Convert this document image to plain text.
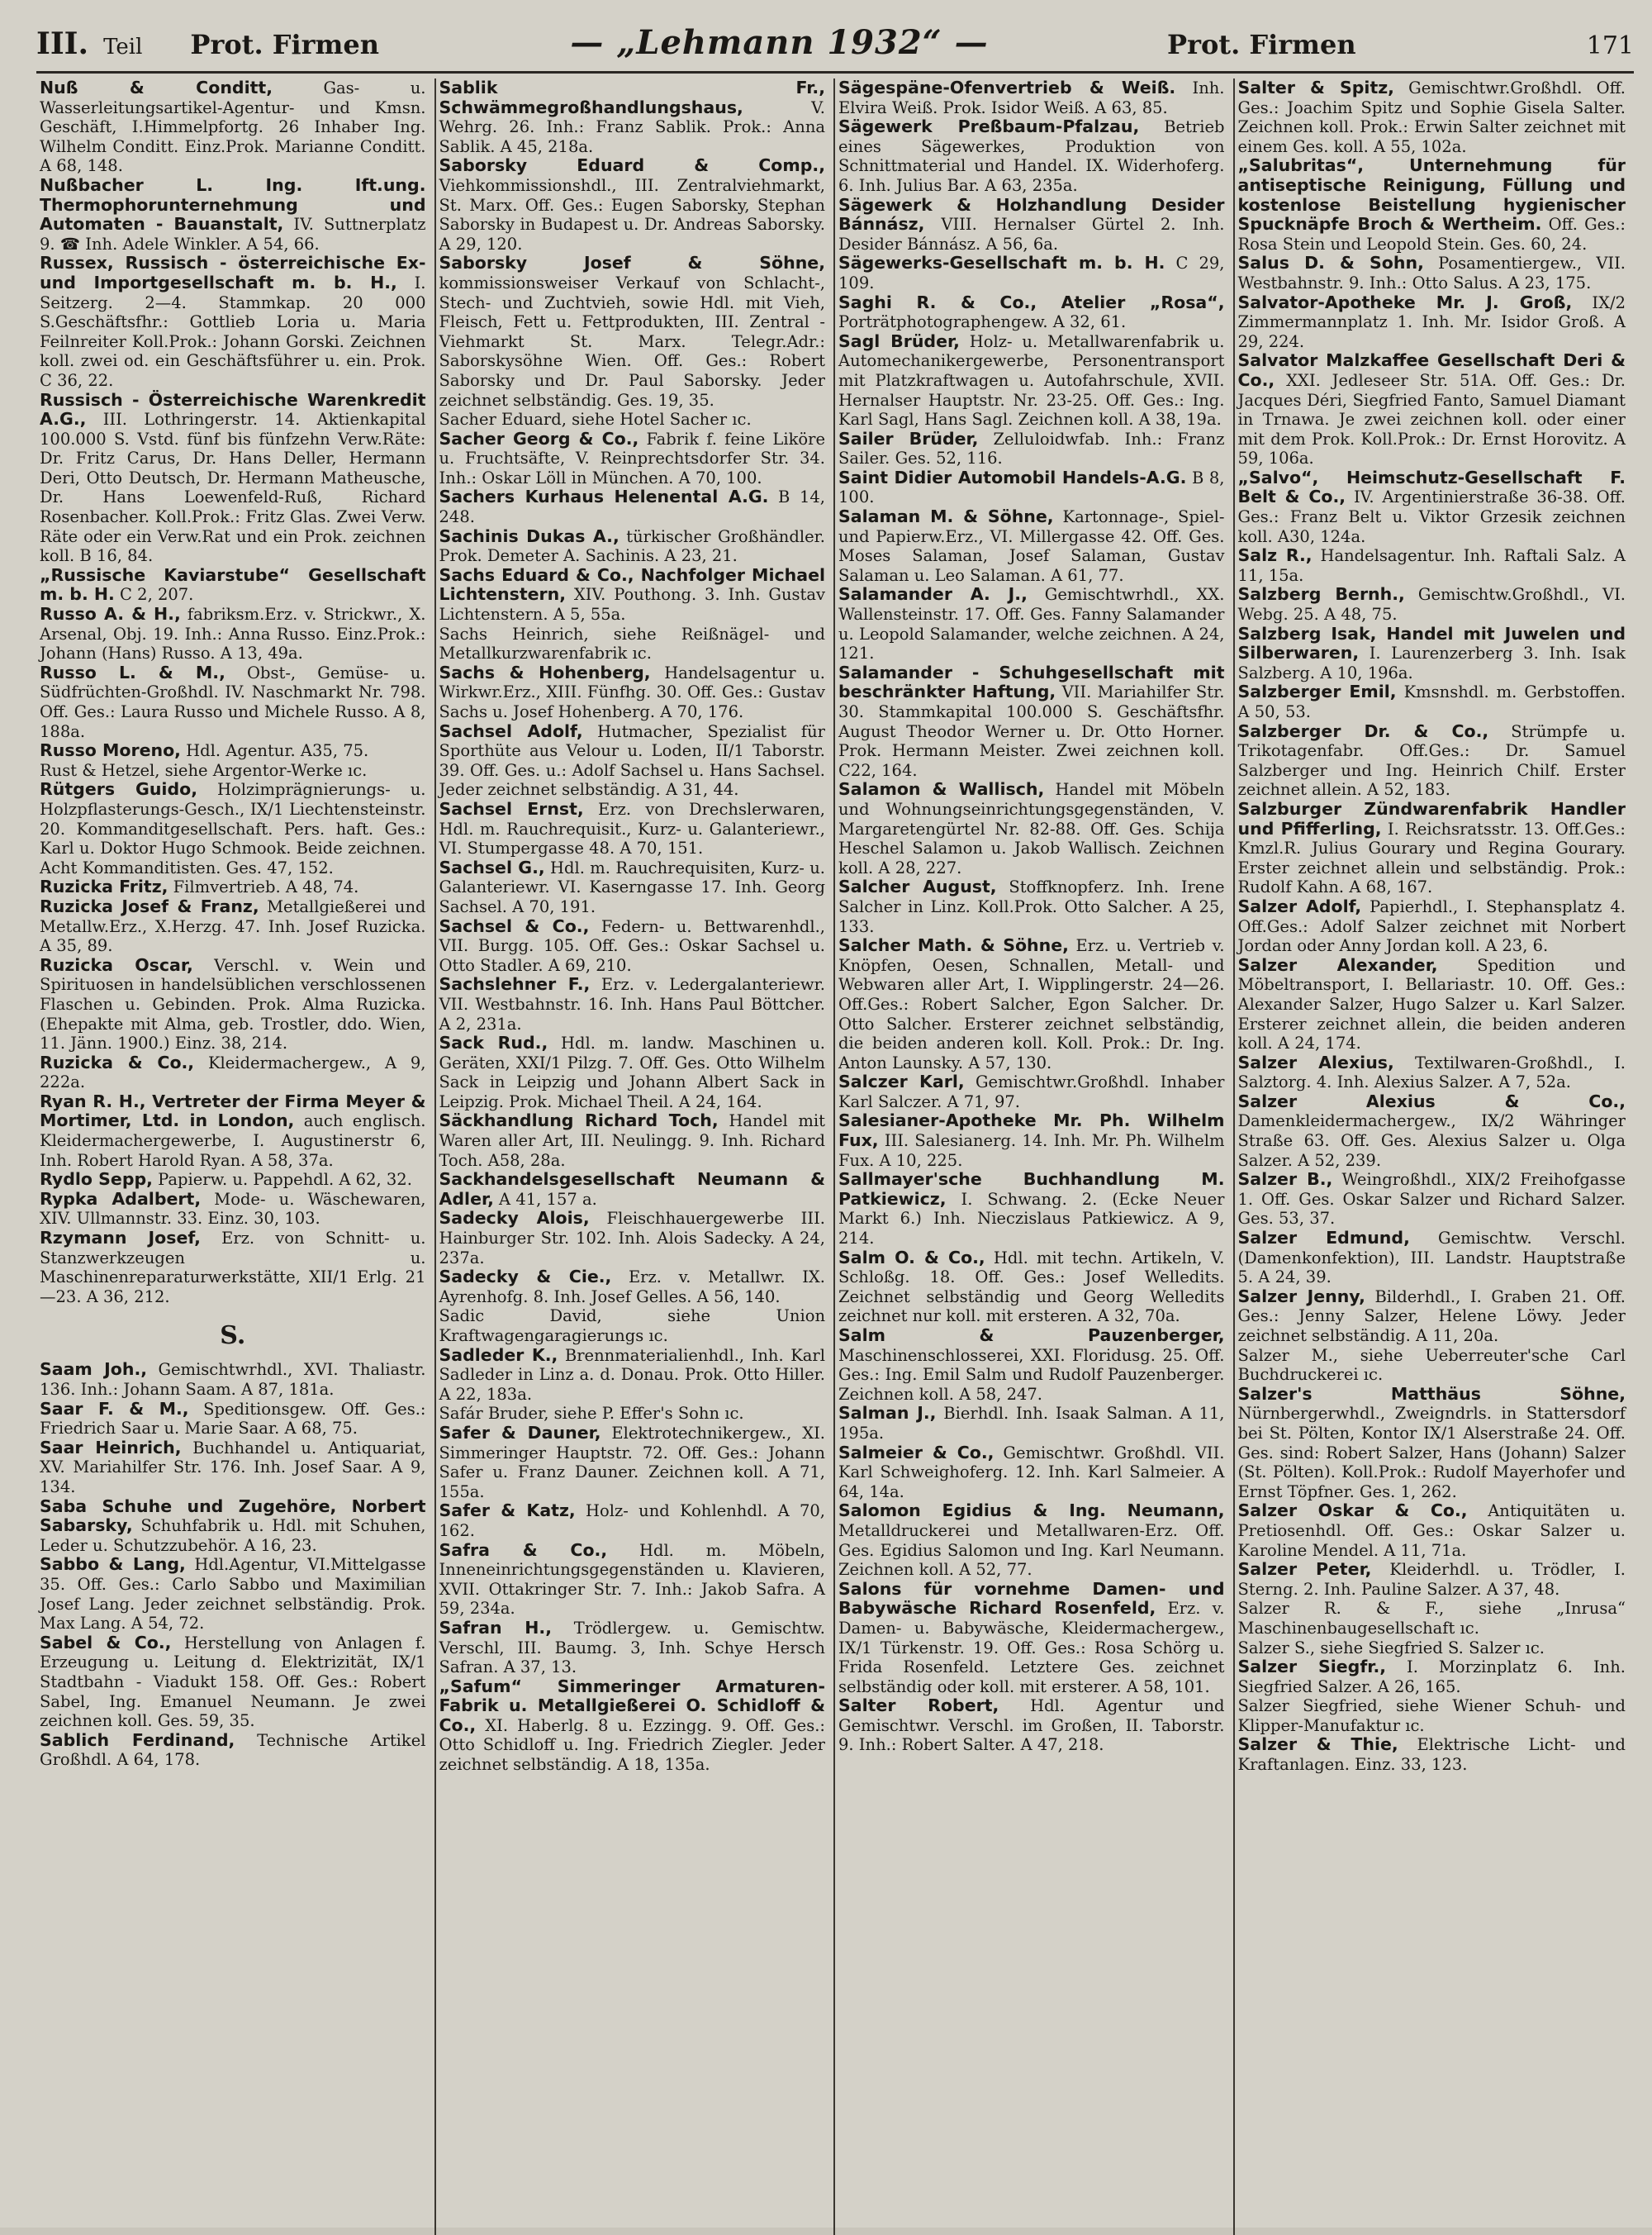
III. Teil Prot. Firmen	— „Lehmann 1932“ —	Prot. Firmen	171

Nuß & Conditt, Gas- u. Wasserleitungsartikel-Agentur- und Kmsn. Geschäft, I.Himmelpfortg. 26 Inhaber Ing. Wilhelm Conditt. Einz.Prok. Marianne Conditt. A 68, 148.

Nußbacher L. Ing. Ift.ung. Thermophorunternehmung und Automaten - Bauanstalt, IV. Suttnerplatz 9. ☎ Inh. Adele Winkler. A 54, 66.

Russex, Russisch - österreichische Ex- und Importgesellschaft m. b. H., I. Seitzerg. 2—4. Stammkap. 20 000 S.Geschäftsfhr.: Gottlieb Loria u. Maria Feilnreiter Koll.Prok.: Johann Gorski. Zeichnen koll. zwei od. ein Geschäftsführer u. ein. Prok. C 36, 22.

Russisch - Österreichische Warenkredit A.G., III. Lothringerstr. 14. Aktienkapital 100.000 S. Vstd. fünf bis fünfzehn Verw.Räte: Dr. Fritz Carus, Dr. Hans Deller, Hermann Deri, Otto Deutsch, Dr. Hermann Matheusche, Dr. Hans Loewenfeld-Ruß, Richard Rosenbacher. Koll.Prok.: Fritz Glas. Zwei Verw. Räte oder ein Verw.Rat und ein Prok. zeichnen koll. B 16, 84.

„Russische Kaviarstube“ Gesellschaft m. b. H. C 2, 207.

Russo A. & H., fabriksm.Erz. v. Strickwr., X. Arsenal, Obj. 19. Inh.: Anna Russo. Einz.Prok.: Johann (Hans) Russo. A 13, 49a.

Russo L. & M., Obst-, Gemüse- u. Südfrüchten-Großhdl. IV. Naschmarkt Nr. 798. Off. Ges.: Laura Russo und Michele Russo. A 8, 188a.

Russo Moreno, Hdl. Agentur. A35, 75.

Rust & Hetzel, siehe Argentor-Werke ıc.

Rütgers Guido, Holzimprägnierungs- u. Holzpflasterungs-Gesch., IX/1 Liechtensteinstr. 20. Kommanditgesellschaft. Pers. haft. Ges.: Karl u. Doktor Hugo Schmook. Beide zeichnen. Acht Kommanditisten. Ges. 47, 152.

Ruzicka Fritz, Filmvertrieb. A 48, 74.

Ruzicka Josef & Franz, Metallgießerei und Metallw.Erz., X.Herzg. 47. Inh. Josef Ruzicka. A 35, 89.

Ruzicka Oscar, Verschl. v. Wein und Spirituosen in handelsüblichen verschlossenen Flaschen u. Gebinden. Prok. Alma Ruzicka. (Ehepakte mit Alma, geb. Trostler, ddo. Wien, 11. Jänn. 1900.) Einz. 38, 214.

Ruzicka & Co., Kleidermachergew., A 9, 222a.

Ryan R. H., Vertreter der Firma Meyer & Mortimer, Ltd. in London, auch englisch. Kleidermachergewerbe, I. Augustinerstr 6, Inh. Robert Harold Ryan. A 58, 37a.

Rydlo Sepp, Papierw. u. Pappehdl. A 62, 32.

Rypka Adalbert, Mode- u. Wäschewaren, XIV. Ullmannstr. 33. Einz. 30, 103.

Rzymann Josef, Erz. von Schnitt- u. Stanzwerkzeugen u. Maschinenreparaturwerkstätte, XII/1 Erlg. 21—23. A 36, 212.

S.

Saam Joh., Gemischtwrhdl., XVI. Thaliastr. 136. Inh.: Johann Saam. A 87, 181a.

Saar F. & M., Speditionsgew. Off. Ges.: Friedrich Saar u. Marie Saar. A 68, 75.

Saar Heinrich, Buchhandel u. Antiquariat, XV. Mariahilfer Str. 176. Inh. Josef Saar. A 9, 134.

Saba Schuhe und Zugehöre, Norbert Sabarsky, Schuhfabrik u. Hdl. mit Schuhen, Leder u. Schutzzubehör. A 16, 23.

Sabbo & Lang, Hdl.Agentur, VI.Mittelgasse 35. Off. Ges.: Carlo Sabbo und Maximilian Josef Lang. Jeder zeichnet selbständig. Prok. Max Lang. A 54, 72.

Sabel & Co., Herstellung von Anlagen f. Erzeugung u. Leitung d. Elektrizität, IX/1 Stadtbahn - Viadukt 158. Off. Ges.: Robert Sabel, Ing. Emanuel Neumann. Je zwei zeichnen koll. Ges. 59, 35.

Sablich Ferdinand, Technische Artikel Großhdl. A 64, 178.

Sablik Fr., Schwämmegroßhandlungshaus, V. Wehrg. 26. Inh.: Franz Sablik. Prok.: Anna Sablik. A 45, 218a.

Saborsky Eduard & Comp., Viehkommissionshdl., III. Zentralviehmarkt, St. Marx. Off. Ges.: Eugen Saborsky, Stephan Saborsky in Budapest u. Dr. Andreas Saborsky. A 29, 120.

Saborsky Josef & Söhne, kommissionsweiser Verkauf von Schlacht-, Stech- und Zuchtvieh, sowie Hdl. mit Vieh, Fleisch, Fett u. Fettprodukten, III. Zentral - Viehmarkt St. Marx. Telegr.Adr.: Saborskysöhne Wien. Off. Ges.: Robert Saborsky und Dr. Paul Saborsky. Jeder zeichnet selbständig. Ges. 19, 35.

Sacher Eduard, siehe Hotel Sacher ıc.

Sacher Georg & Co., Fabrik f. feine Liköre u. Fruchtsäfte, V. Reinprechtsdorfer Str. 34. Inh.: Oskar Löll in München. A 70, 100.

Sachers Kurhaus Helenental A.G. B 14, 248.

Sachinis Dukas A., türkischer Großhändler. Prok. Demeter A. Sachinis. A 23, 21.

Sachs Eduard & Co., Nachfolger Michael Lichtenstern, XIV. Pouthong. 3. Inh. Gustav Lichtenstern. A 5, 55a.

Sachs Heinrich, siehe Reißnägel- und Metallkurzwarenfabrik ıc.

Sachs & Hohenberg, Handelsagentur u. Wirkwr.Erz., XIII. Fünfhg. 30. Off. Ges.: Gustav Sachs u. Josef Hohenberg. A 70, 176.

Sachsel Adolf, Hutmacher, Spezialist für Sporthüte aus Velour u. Loden, II/1 Taborstr. 39. Off. Ges. u.: Adolf Sachsel u. Hans Sachsel. Jeder zeichnet selbständig. A 31, 44.

Sachsel Ernst, Erz. von Drechslerwaren, Hdl. m. Rauchrequisit., Kurz- u. Galanteriewr., VI. Stumpergasse 48. A 70, 151.

Sachsel G., Hdl. m. Rauchrequisiten, Kurz- u. Galanteriewr. VI. Kaserngasse 17. Inh. Georg Sachsel. A 70, 191.

Sachsel & Co., Federn- u. Bettwarenhdl., VII. Burgg. 105. Off. Ges.: Oskar Sachsel u. Otto Stadler. A 69, 210.

Sachslehner F., Erz. v. Ledergalanteriewr. VII. Westbahnstr. 16. Inh. Hans Paul Böttcher. A 2, 231a.

Sack Rud., Hdl. m. landw. Maschinen u. Geräten, XXI/1 Pilzg. 7. Off. Ges. Otto Wilhelm Sack in Leipzig und Johann Albert Sack in Leipzig. Prok. Michael Theil. A 24, 164.

Säckhandlung Richard Toch, Handel mit Waren aller Art, III. Neulingg. 9. Inh. Richard Toch. A58, 28a.

Sackhandelsgesellschaft Neumann & Adler, A 41, 157 a.

Sadecky Alois, Fleischhauergewerbe III. Hainburger Str. 102. Inh. Alois Sadecky. A 24, 237a.

Sadecky & Cie., Erz. v. Metallwr. IX. Ayrenhofg. 8. Inh. Josef Gelles. A 56, 140.

Sadic David, siehe Union Kraftwagengaragierungs ıc.

Sadleder K., Brennmaterialienhdl., Inh. Karl Sadleder in Linz a. d. Donau. Prok. Otto Hiller. A 22, 183a.

Safár Bruder, siehe P. Effer's Sohn ıc.

Safer & Dauner, Elektrotechnikergew., XI. Simmeringer Hauptstr. 72. Off. Ges.: Johann Safer u. Franz Dauner. Zeichnen koll. A 71, 155a.

Safer & Katz, Holz- und Kohlenhdl. A 70, 162.

Safra & Co., Hdl. m. Möbeln, Inneneinrichtungsgegenständen u. Klavieren, XVII. Ottakringer Str. 7. Inh.: Jakob Safra. A 59, 234a.

Safran H., Trödlergew. u. Gemischtw. Verschl, III. Baumg. 3, Inh. Schye Hersch Safran. A 37, 13.

„Safum“ Simmeringer Armaturen-Fabrik u. Metallgießerei O. Schidloff & Co., XI. Haberlg. 8 u. Ezzingg. 9. Off. Ges.: Otto Schidloff u. Ing. Friedrich Ziegler. Jeder zeichnet selbständig. A 18, 135a.

Sägespäne-Ofenvertrieb & Weiß. Inh. Elvira Weiß. Prok. Isidor Weiß. A 63, 85.

Sägewerk Preßbaum-Pfalzau, Betrieb eines Sägewerkes, Produktion von Schnittmaterial und Handel. IX. Widerhoferg. 6. Inh. Julius Bar. A 63, 235a.

Sägewerk & Holzhandlung Desider Bánnász, VIII. Hernalser Gürtel 2. Inh. Desider Bánnász. A 56, 6a.

Sägewerks-Gesellschaft m. b. H. C 29, 109.

Saghi R. & Co., Atelier „Rosa“, Porträtphotographengew. A 32, 61.

Sagl Brüder, Holz- u. Metallwarenfabrik u. Automechanikergewerbe, Personentransport mit Platzkraftwagen u. Autofahrschule, XVII. Hernalser Hauptstr. Nr. 23-25. Off. Ges.: Ing. Karl Sagl, Hans Sagl. Zeichnen koll. A 38, 19a.

Sailer Brüder, Zelluloidwfab. Inh.: Franz Sailer. Ges. 52, 116.

Saint Didier Automobil Handels-A.G. B 8, 100.

Salaman M. & Söhne, Kartonnage-, Spiel- und Papierw.Erz., VI. Millergasse 42. Off. Ges. Moses Salaman, Josef Salaman, Gustav Salaman u. Leo Salaman. A 61, 77.

Salamander A. J., Gemischtwrhdl., XX. Wallensteinstr. 17. Off. Ges. Fanny Salamander u. Leopold Salamander, welche zeichnen. A 24, 121.

Salamander - Schuhgesellschaft mit beschränkter Haftung, VII. Mariahilfer Str. 30. Stammkapital 100.000 S. Geschäftsfhr. August Theodor Werner u. Dr. Otto Horner. Prok. Hermann Meister. Zwei zeichnen koll. C22, 164.

Salamon & Wallisch, Handel mit Möbeln und Wohnungseinrichtungsgegenständen, V. Margaretengürtel Nr. 82-88. Off. Ges. Schija Heschel Salamon u. Jakob Wallisch. Zeichnen koll. A 28, 227.

Salcher August, Stoffknopferz. Inh. Irene Salcher in Linz. Koll.Prok. Otto Salcher. A 25, 133.

Salcher Math. & Söhne, Erz. u. Vertrieb v. Knöpfen, Oesen, Schnallen, Metall- und Webwaren aller Art, I. Wipplingerstr. 24—26. Off.Ges.: Robert Salcher, Egon Salcher. Dr. Otto Salcher. Ersterer zeichnet selbständig, die beiden anderen koll. Koll. Prok.: Dr. Ing. Anton Launsky. A 57, 130.

Salczer Karl, Gemischtwr.Großhdl. Inhaber Karl Salczer. A 71, 97.

Salesianer-Apotheke Mr. Ph. Wilhelm Fux, III. Salesianerg. 14. Inh. Mr. Ph. Wilhelm Fux. A 10, 225.

Sallmayer'sche Buchhandlung M. Patkiewicz, I. Schwang. 2. (Ecke Neuer Markt 6.) Inh. Nieczislaus Patkiewicz. A 9, 214.

Salm O. & Co., Hdl. mit techn. Artikeln, V. Schloßg. 18. Off. Ges.: Josef Welledits. Zeichnet selbständig und Georg Welledits zeichnet nur koll. mit ersteren. A 32, 70a.

Salm & Pauzenberger, Maschinenschlosserei, XXI. Floridusg. 25. Off. Ges.: Ing. Emil Salm und Rudolf Pauzenberger. Zeichnen koll. A 58, 247.

Salman J., Bierhdl. Inh. Isaak Salman. A 11, 195a.

Salmeier & Co., Gemischtwr. Großhdl. VII. Karl Schweighoferg. 12. Inh. Karl Salmeier. A 64, 14a.

Salomon Egidius & Ing. Neumann, Metalldruckerei und Metallwaren-Erz. Off. Ges. Egidius Salomon und Ing. Karl Neumann. Zeichnen koll. A 52, 77.

Salons für vornehme Damen- und Babywäsche Richard Rosenfeld, Erz. v. Damen- u. Babywäsche, Kleidermachergew., IX/1 Türkenstr. 19. Off. Ges.: Rosa Schörg u. Frida Rosenfeld. Letztere Ges. zeichnet selbständig oder koll. mit ersterer. A 58, 101.

Salter Robert, Hdl. Agentur und Gemischtwr. Verschl. im Großen, II. Taborstr. 9. Inh.: Robert Salter. A 47, 218.

Salter & Spitz, Gemischtwr.Großhdl. Off. Ges.: Joachim Spitz und Sophie Gisela Salter. Zeichnen koll. Prok.: Erwin Salter zeichnet mit einem Ges. koll. A 55, 102a.

„Salubritas“, Unternehmung für antiseptische Reinigung, Füllung und kostenlose Beistellung hygienischer Spucknäpfe Broch & Wertheim. Off. Ges.: Rosa Stein und Leopold Stein. Ges. 60, 24.

Salus D. & Sohn, Posamentiergew., VII. Westbahnstr. 9. Inh.: Otto Salus. A 23, 175.

Salvator-Apotheke Mr. J. Groß, IX/2 Zimmermannplatz 1. Inh. Mr. Isidor Groß. A 29, 224.

Salvator Malzkaffee Gesellschaft Deri & Co., XXI. Jedleseer Str. 51A. Off. Ges.: Dr. Jacques Déri, Siegfried Fanto, Samuel Diamant in Trnawa. Je zwei zeichnen koll. oder einer mit dem Prok. Koll.Prok.: Dr. Ernst Horovitz. A 59, 106a.

„Salvo“, Heimschutz-Gesellschaft F. Belt & Co., IV. Argentinierstraße 36-38. Off. Ges.: Franz Belt u. Viktor Grzesik zeichnen koll. A30, 124a.

Salz R., Handelsagentur. Inh. Raftali Salz. A 11, 15a.

Salzberg Bernh., Gemischtw.Großhdl., VI. Webg. 25. A 48, 75.

Salzberg Isak, Handel mit Juwelen und Silberwaren, I. Laurenzerberg 3. Inh. Isak Salzberg. A 10, 196a.

Salzberger Emil, Kmsnshdl. m. Gerbstoffen. A 50, 53.

Salzberger Dr. & Co., Strümpfe u. Trikotagenfabr. Off.Ges.: Dr. Samuel Salzberger und Ing. Heinrich Chilf. Erster zeichnet allein. A 52, 183.

Salzburger Zündwarenfabrik Handler und Pfifferling, I. Reichsratsstr. 13. Off.Ges.: Kmzl.R. Julius Gourary und Regina Gourary. Erster zeichnet allein und selbständig. Prok.: Rudolf Kahn. A 68, 167.

Salzer Adolf, Papierhdl., I. Stephansplatz 4. Off.Ges.: Adolf Salzer zeichnet mit Norbert Jordan oder Anny Jordan koll. A 23, 6.

Salzer Alexander, Spedition und Möbeltransport, I. Bellariastr. 10. Off. Ges.: Alexander Salzer, Hugo Salzer u. Karl Salzer. Ersterer zeichnet allein, die beiden anderen koll. A 24, 174.

Salzer Alexius, Textilwaren-Großhdl., I. Salztorg. 4. Inh. Alexius Salzer. A 7, 52a.

Salzer Alexius & Co., Damenkleidermachergew., IX/2 Währinger Straße 63. Off. Ges. Alexius Salzer u. Olga Salzer. A 52, 239.

Salzer B., Weingroßhdl., XIX/2 Freihofgasse 1. Off. Ges. Oskar Salzer und Richard Salzer. Ges. 53, 37.

Salzer Edmund, Gemischtw. Verschl. (Damenkonfektion), III. Landstr. Hauptstraße 5. A 24, 39.

Salzer Jenny, Bilderhdl., I. Graben 21. Off. Ges.: Jenny Salzer, Helene Löwy. Jeder zeichnet selbständig. A 11, 20a.

Salzer M., siehe Ueberreuter'sche Carl Buchdruckerei ıc.

Salzer's Matthäus Söhne, Nürnbergerwhdl., Zweigndrls. in Stattersdorf bei St. Pölten, Kontor IX/1 Alserstraße 24. Off. Ges. sind: Robert Salzer, Hans (Johann) Salzer (St. Pölten). Koll.Prok.: Rudolf Mayerhofer und Ernst Töpfner. Ges. 1, 262.

Salzer Oskar & Co., Antiquitäten u. Pretiosenhdl. Off. Ges.: Oskar Salzer u. Karoline Mendel. A 11, 71a.

Salzer Peter, Kleiderhdl. u. Trödler, I. Sterng. 2. Inh. Pauline Salzer. A 37, 48.

Salzer R. & F., siehe „Inrusa“ Maschinenbaugesellschaft ıc.

Salzer S., siehe Siegfried S. Salzer ıc.

Salzer Siegfr., I. Morzinplatz 6. Inh. Siegfried Salzer. A 26, 165.

Salzer Siegfried, siehe Wiener Schuh- und Klipper-Manufaktur ıc.

Salzer & Thie, Elektrische Licht- und Kraftanlagen. Einz. 33, 123.
